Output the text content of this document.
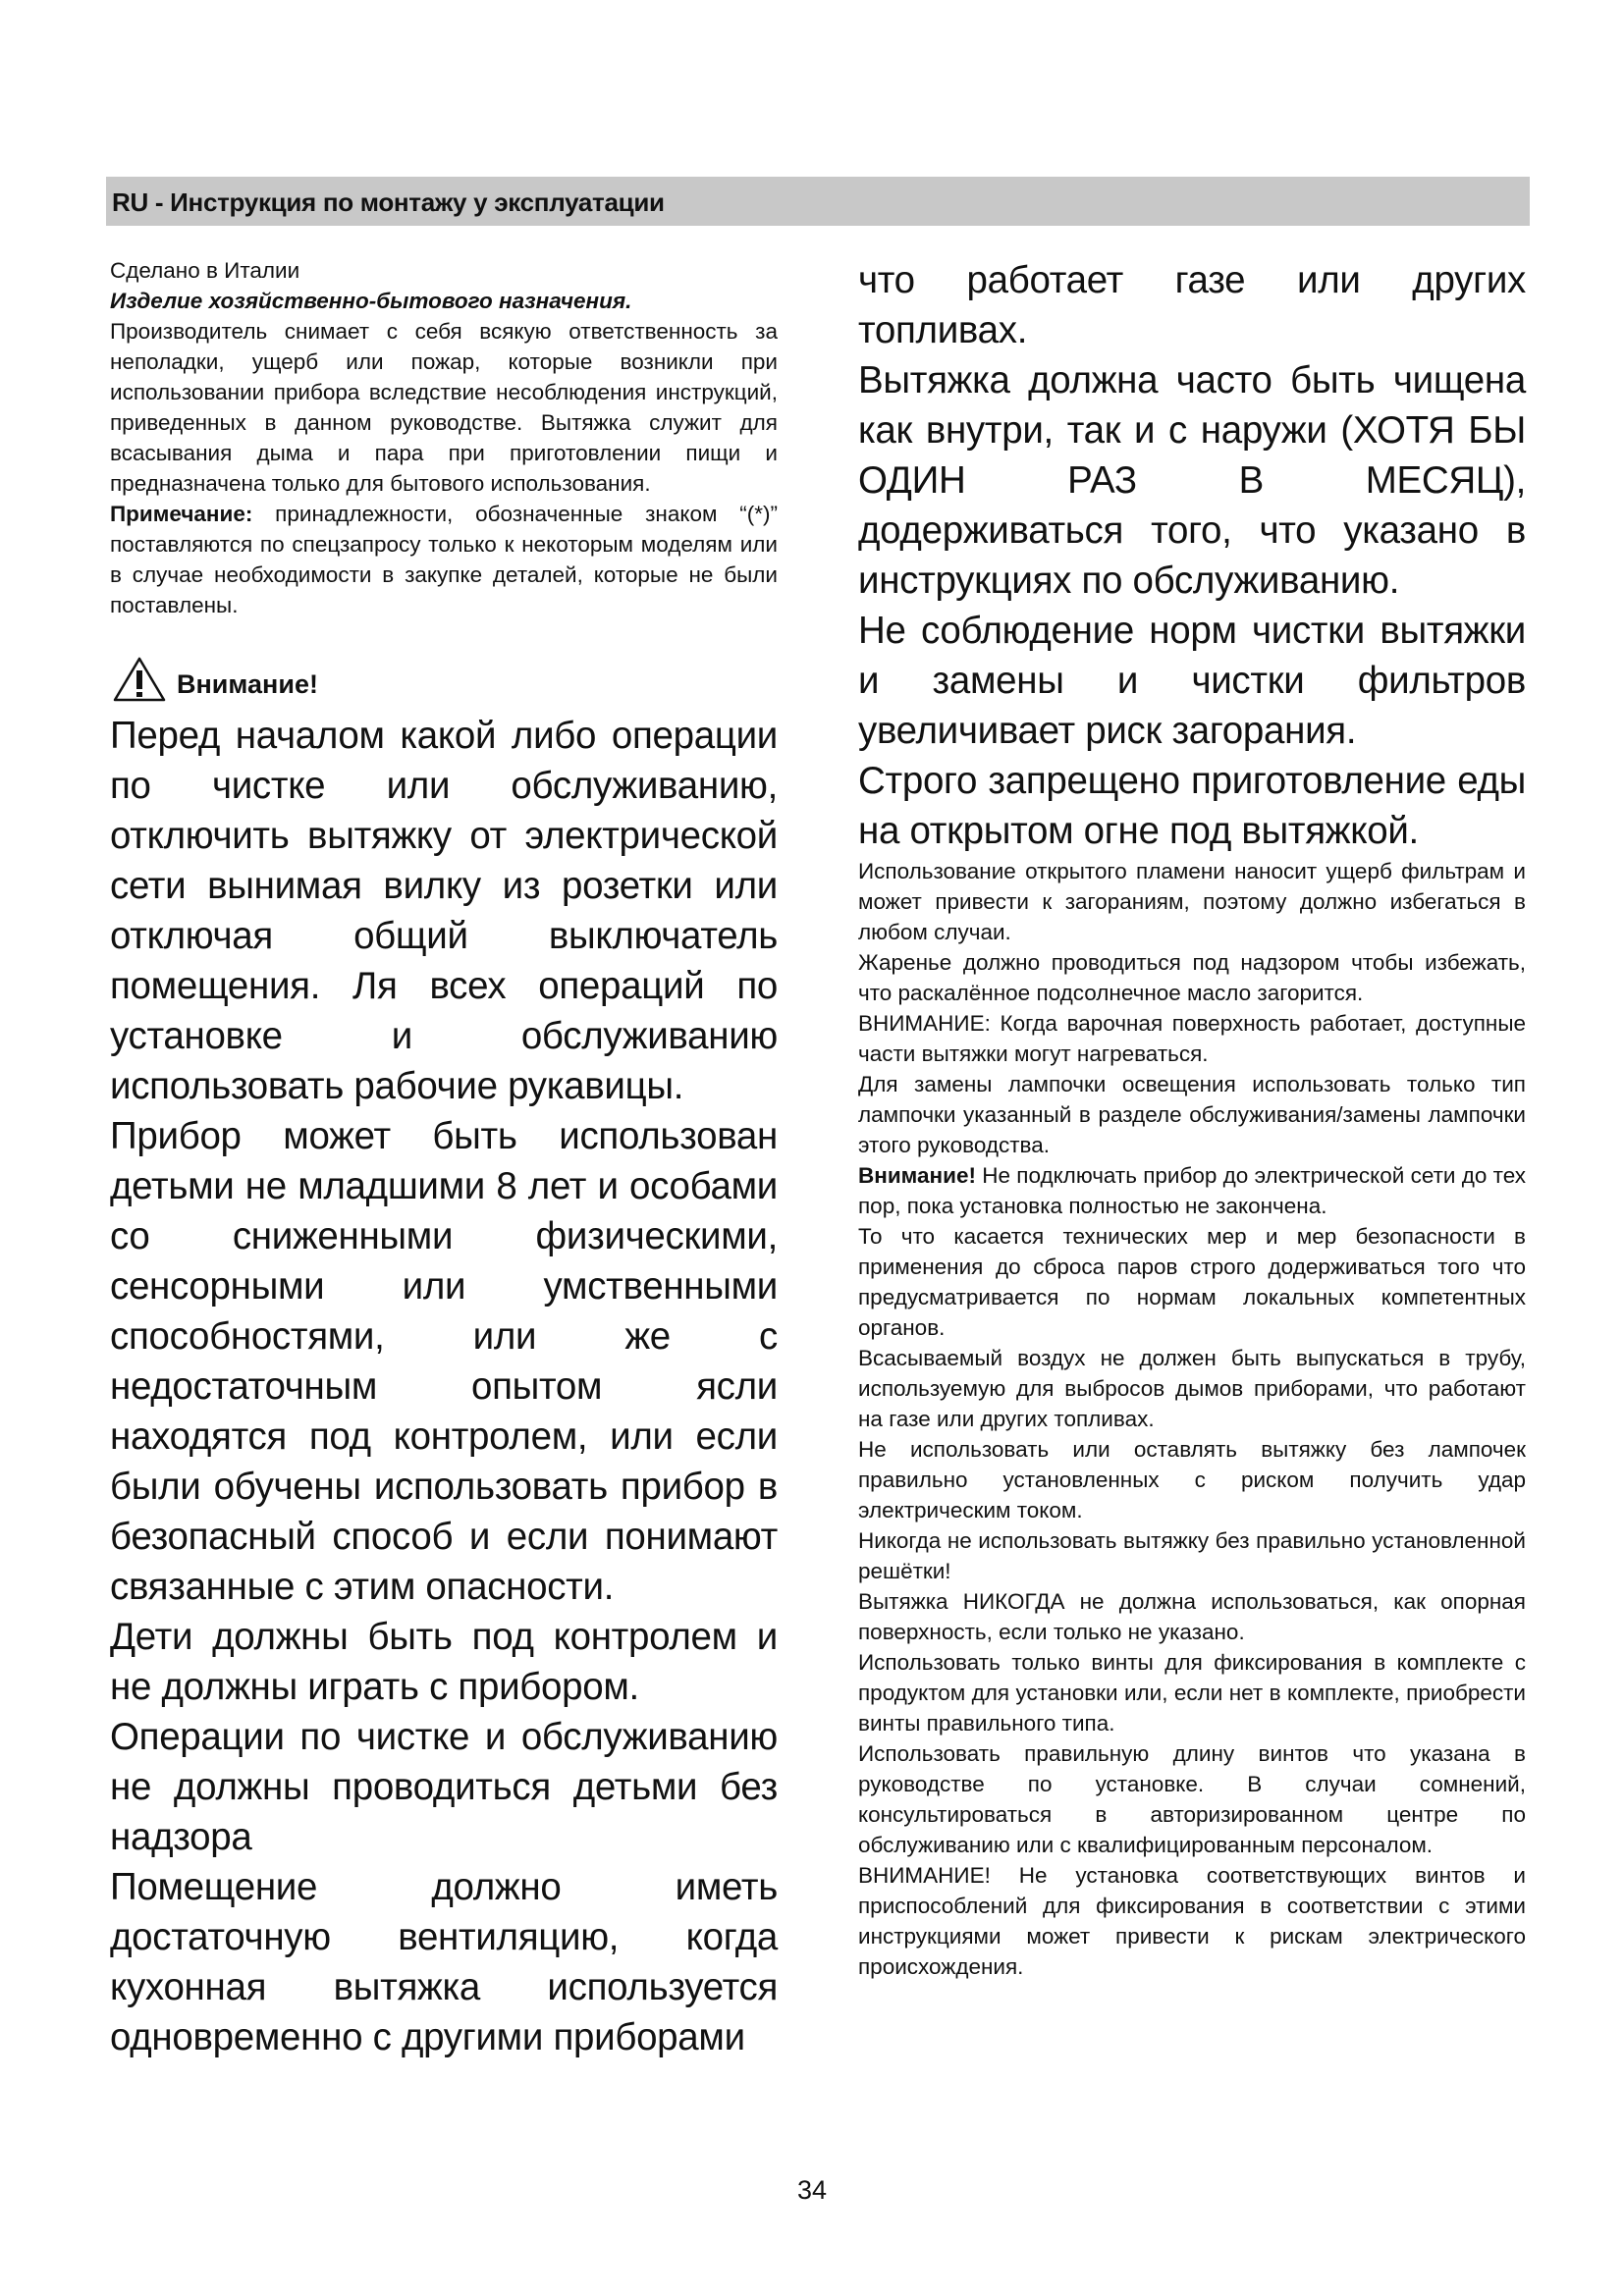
RU - Инструкция по монтажу у эксплуатации

Сделано в Италии

Изделие хозяйственно-бытового назначения.

Производитель снимает с себя всякую ответственность за неполадки, ущерб или пожар, которые возникли при использовании прибора вследствие несоблюдения инструкций, приведенных в данном руководстве. Вытяжка служит для всасывания дыма и пара при приготовлении пищи и предназначена только для бытового использования.

Примечание: принадлежности, обозначенные знаком “(*)” поставляются по спецзапросу только к некоторым моделям или в случае необходимости в закупке деталей, которые не были поставлены.

Внимание!

Перед началом какой либо операции по чистке или обслуживанию, отключить вытяжку от электрической сети вынимая вилку из розетки или отключая общий выключатель помещения. Ля всех операций по установке и обслуживанию использовать рабочие рукавицы.

Прибор может быть использован детьми не младшими 8 лет и особами со сниженными физическими, сенсорными или умственными способностями, или же с недостаточным опытом ясли находятся под контролем, или если были обучены использовать прибор в безопасный способ и если понимают связанные с этим опасности.

Дети должны быть под контролем и не должны играть с прибором.

Операции по чистке и обслуживанию не должны проводиться детьми без надзора

Помещение должно иметь достаточную вентиляцию, когда кухонная вытяжка используется одновременно с другими приборами

что работает газе или других топливах.

Вытяжка должна часто быть чищена как внутри, так и с наружи (ХОТЯ БЫ ОДИН РАЗ В МЕСЯЦ), додерживаться того, что указано в инструкциях по обслуживанию.

Не соблюдение норм чистки вытяжки и замены и чистки фильтров увеличивает риск загорания.

Строго запрещено приготовление еды на открытом огне под вытяжкой.

Использование открытого пламени наносит ущерб фильтрам и может привести к загораниям, поэтому должно избегаться в любом случаи.

Жаренье должно проводиться под надзором чтобы избежать, что раскалённое подсолнечное масло загорится.

ВНИМАНИЕ: Когда варочная поверхность работает, доступные части вытяжки могут нагреваться.

Для замены лампочки освещения использовать только тип лампочки указанный в разделе обслуживания/замены лампочки этого руководства.

Внимание! Не подключать прибор до электрической сети до тех пор, пока установка полностью не закончена.

То что касается технических мер и мер безопасности в применения до сброса паров строго додерживаться того что предусматривается по нормам локальных компетентных органов.

Всасываемый воздух не должен быть выпускаться в трубу, используемую для выбросов дымов приборами, что работают на газе или других топливах.

Не использовать или оставлять вытяжку без лампочек правильно установленных с риском получить удар электрическим током.

Никогда не использовать вытяжку без правильно установленной решётки!

Вытяжка НИКОГДА не должна использоваться, как опорная поверхность, если только не указано.

Использовать только винты для фиксирования в комплекте с продуктом для установки или, если нет в комплекте, приобрести винты правильного типа.

Использовать правильную длину винтов что указана в руководстве по установке. В случаи сомнений, консультироваться в авторизированном центре по обслуживанию или с квалифицированным персоналом.

ВНИМАНИЕ! Не установка соответствующих винтов и приспособлений для фиксирования в соответствии с этими инструкциями может привести к рискам электрического происхождения.

34
